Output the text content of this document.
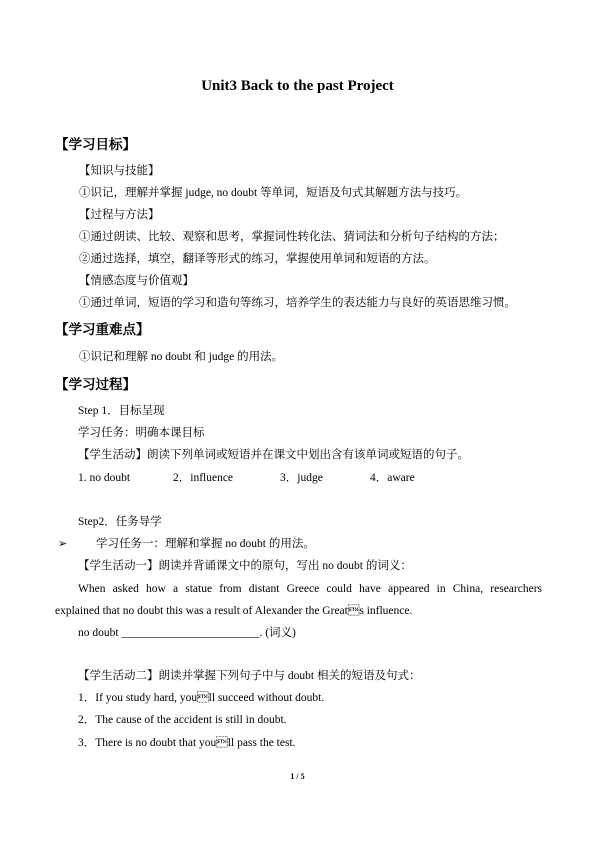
Unit3 Back to the past Project
【学习目标】
【知识与技能】
①识记，理解并掌握 judge, no doubt 等单词，短语及句式其解题方法与技巧。
【过程与方法】
①通过朗读、比较、观察和思考，掌握词性转化法、猜词法和分析句子结构的方法；
②通过选择，填空，翻译等形式的练习，掌握使用单词和短语的方法。
【情感态度与价值观】
①通过单词，短语的学习和造句等练习，培养学生的表达能力与良好的英语思维习惯。
【学习重难点】
①识记和理解 no doubt 和 judge 的用法。
【学习过程】
Step 1．目标呈现
学习任务：明确本课目标
【学生活动】朗读下列单词或短语并在课文中划出含有该单词或短语的句子。
1. no doubt	2．influence	3．judge	4．aware
Step2．任务导学
➢	学习任务一：理解和掌握 no doubt 的用法。
【学生活动一】朗读并背诵课文中的原句，写出 no doubt 的词义：
When asked how a statue from distant Greece could have appeared in China, researchers
explained that no doubt this was a result of Alexander the Greats influence.
no doubt ________________________. (词义)
【学生活动二】朗读并掌握下列句子中与 doubt 相关的短语及句式：
1．If you study hard, youll succeed without doubt.
2．The cause of the accident is still in doubt.
3．There is no doubt that youll pass the test.
1 / 5
